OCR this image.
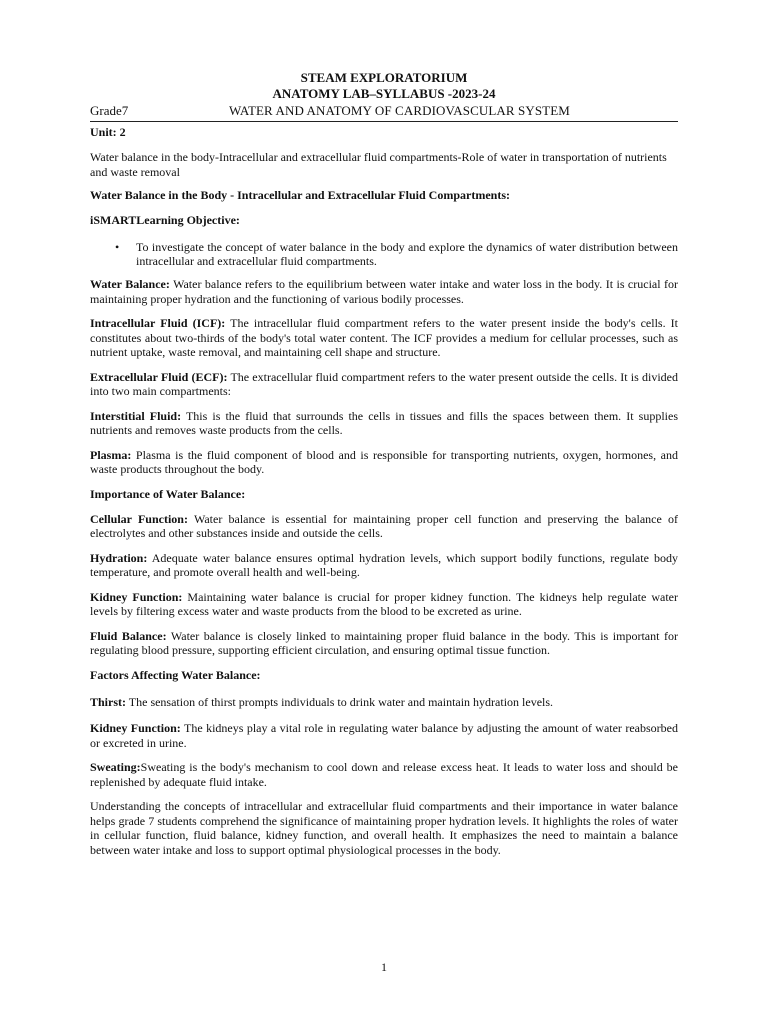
STEAM EXPLORATORIUM
ANATOMY LAB–SYLLABUS -2023-24
Grade7	WATER AND ANATOMY OF CARDIOVASCULAR SYSTEM
Unit: 2

Water balance in the body-Intracellular and extracellular fluid compartments-Role of water in transportation of nutrients and waste removal

Water Balance in the Body - Intracellular and Extracellular Fluid Compartments:
iSMARTLearning Objective:
• To investigate the concept of water balance in the body and explore the dynamics of water distribution between intracellular and extracellular fluid compartments.

Water Balance: Water balance refers to the equilibrium between water intake and water loss in the body. It is crucial for maintaining proper hydration and the functioning of various bodily processes.

Intracellular Fluid (ICF): The intracellular fluid compartment refers to the water present inside the body's cells. It constitutes about two-thirds of the body's total water content. The ICF provides a medium for cellular processes, such as nutrient uptake, waste removal, and maintaining cell shape and structure.

Extracellular Fluid (ECF): The extracellular fluid compartment refers to the water present outside the cells. It is divided into two main compartments:

Interstitial Fluid: This is the fluid that surrounds the cells in tissues and fills the spaces between them. It supplies nutrients and removes waste products from the cells.

Plasma: Plasma is the fluid component of blood and is responsible for transporting nutrients, oxygen, hormones, and waste products throughout the body.

Importance of Water Balance:

Cellular Function: Water balance is essential for maintaining proper cell function and preserving the balance of electrolytes and other substances inside and outside the cells.

Hydration: Adequate water balance ensures optimal hydration levels, which support bodily functions, regulate body temperature, and promote overall health and well-being.

Kidney Function: Maintaining water balance is crucial for proper kidney function. The kidneys help regulate water levels by filtering excess water and waste products from the blood to be excreted as urine.

Fluid Balance: Water balance is closely linked to maintaining proper fluid balance in the body. This is important for regulating blood pressure, supporting efficient circulation, and ensuring optimal tissue function.

Factors Affecting Water Balance:

Thirst: The sensation of thirst prompts individuals to drink water and maintain hydration levels.

Kidney Function: The kidneys play a vital role in regulating water balance by adjusting the amount of water reabsorbed or excreted in urine.

Sweating:Sweating is the body's mechanism to cool down and release excess heat. It leads to water loss and should be replenished by adequate fluid intake.

Understanding the concepts of intracellular and extracellular fluid compartments and their importance in water balance helps grade 7 students comprehend the significance of maintaining proper hydration levels. It highlights the roles of water in cellular function, fluid balance, kidney function, and overall health. It emphasizes the need to maintain a balance between water intake and loss to support optimal physiological processes in the body.

1
